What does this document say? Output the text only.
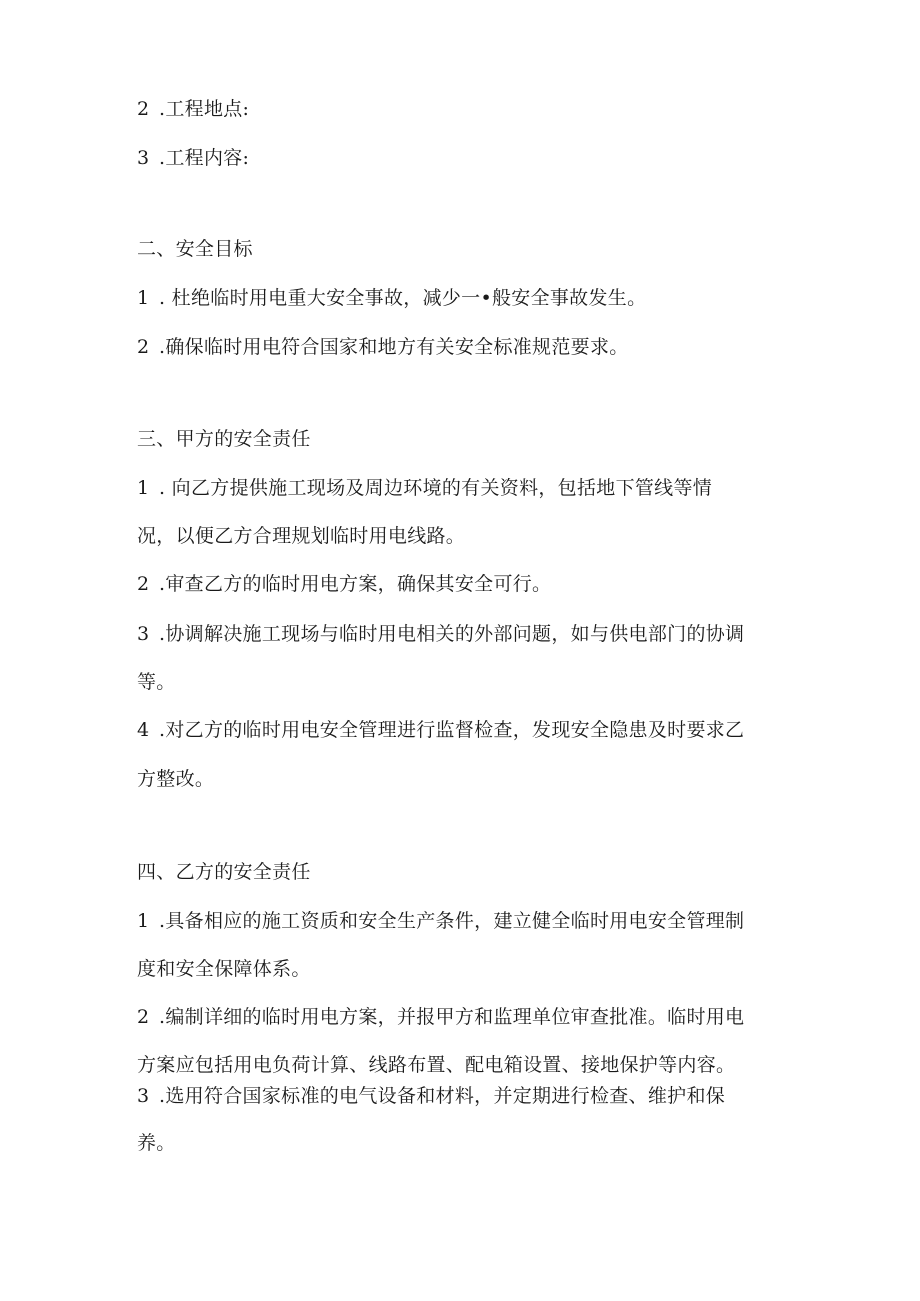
2 .工程地点:
3 .工程内容:
二、安全目标
1 . 杜绝临时用电重大安全事故，减少一•般安全事故发生。
2 .确保临时用电符合国家和地方有关安全标准规范要求。
三、甲方的安全责任
1 . 向乙方提供施工现场及周边环境的有关资料，包括地下管线等情
况，以便乙方合理规划临时用电线路。
2 .审查乙方的临时用电方案，确保其安全可行。
3 .协调解决施工现场与临时用电相关的外部问题，如与供电部门的协调
等。
4 .对乙方的临时用电安全管理进行监督检查，发现安全隐患及时要求乙
方整改。
四、乙方的安全责任
1 .具备相应的施工资质和安全生产条件，建立健全临时用电安全管理制
度和安全保障体系。
2 .编制详细的临时用电方案，并报甲方和监理单位审查批准。临时用电
方案应包括用电负荷计算、线路布置、配电箱设置、接地保护等内容。
3 .选用符合国家标准的电气设备和材料，并定期进行检查、维护和保
养。
